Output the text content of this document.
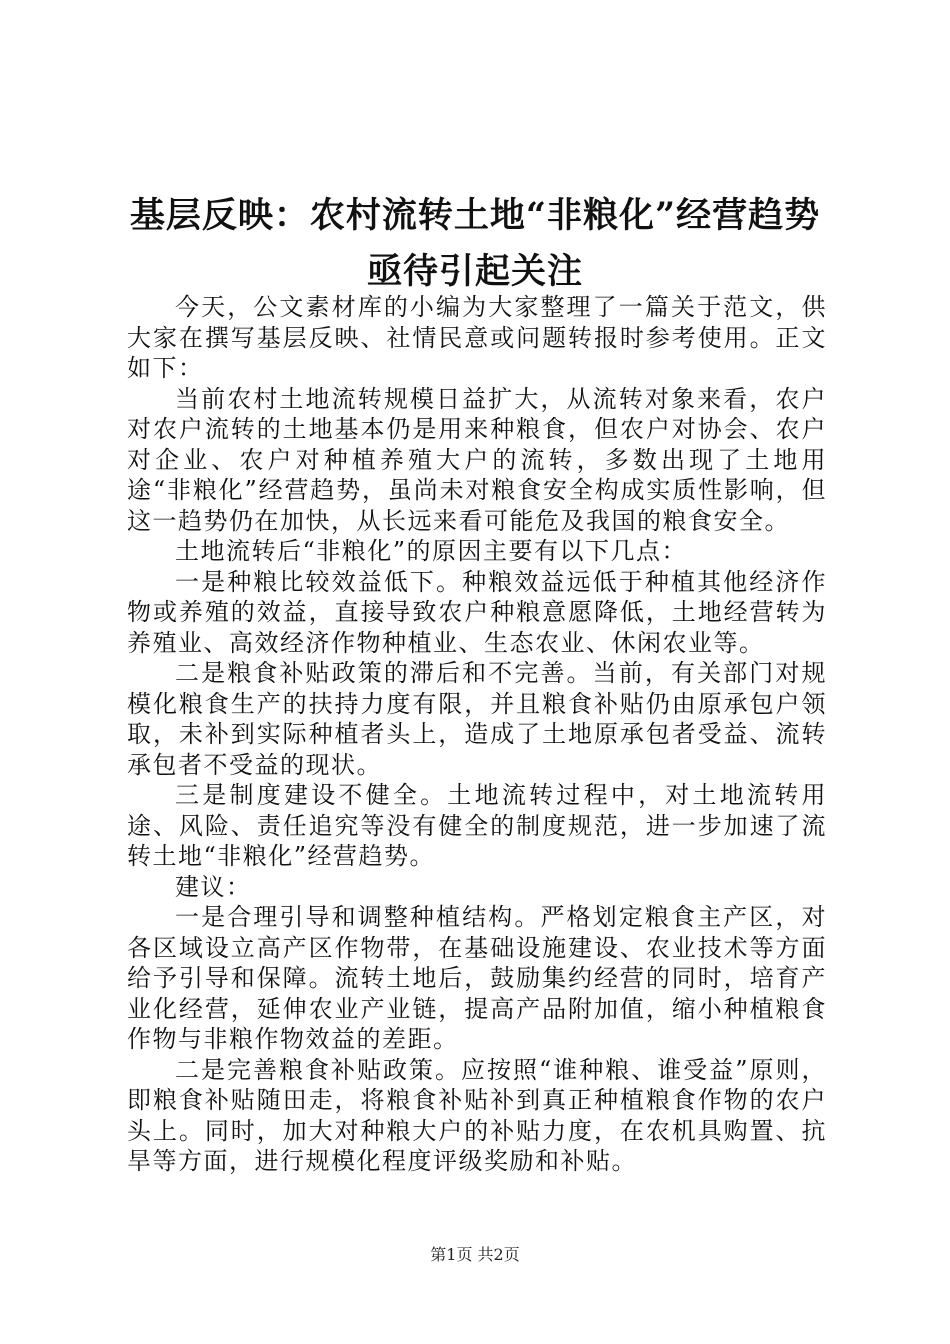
基层反映：农村流转土地“非粮化”经营趋势
亟待引起关注

今天，公文素材库的小编为大家整理了一篇关于范文，供大家在撰写基层反映、社情民意或问题转报时参考使用。正文如下：

当前农村土地流转规模日益扩大，从流转对象来看，农户对农户流转的土地基本仍是用来种粮食，但农户对协会、农户对企业、农户对种植养殖大户的流转，多数出现了土地用途“非粮化”经营趋势，虽尚未对粮食安全构成实质性影响，但这一趋势仍在加快，从长远来看可能危及我国的粮食安全。

土地流转后“非粮化”的原因主要有以下几点：

一是种粮比较效益低下。种粮效益远低于种植其他经济作物或养殖的效益，直接导致农户种粮意愿降低，土地经营转为养殖业、高效经济作物种植业、生态农业、休闲农业等。

二是粮食补贴政策的滞后和不完善。当前，有关部门对规模化粮食生产的扶持力度有限，并且粮食补贴仍由原承包户领取，未补到实际种植者头上，造成了土地原承包者受益、流转承包者不受益的现状。

三是制度建设不健全。土地流转过程中，对土地流转用途、风险、责任追究等没有健全的制度规范，进一步加速了流转土地“非粮化”经营趋势。

建议：

一是合理引导和调整种植结构。严格划定粮食主产区，对各区域设立高产区作物带，在基础设施建设、农业技术等方面给予引导和保障。流转土地后，鼓励集约经营的同时，培育产业化经营，延伸农业产业链，提高产品附加值，缩小种植粮食作物与非粮作物效益的差距。

二是完善粮食补贴政策。应按照“谁种粮、谁受益”原则，即粮食补贴随田走，将粮食补贴补到真正种植粮食作物的农户头上。同时，加大对种粮大户的补贴力度，在农机具购置、抗旱等方面，进行规模化程度评级奖励和补贴。

第1页 共2页
